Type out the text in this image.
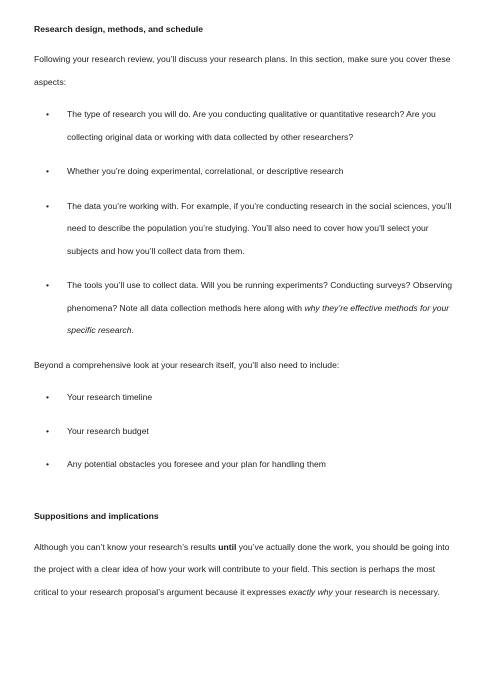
Research design, methods, and schedule

Following your research review, you’ll discuss your research plans. In this section, make sure you cover these aspects:

• The type of research you will do. Are you conducting qualitative or quantitative research? Are you collecting original data or working with data collected by other researchers?
• Whether you’re doing experimental, correlational, or descriptive research
• The data you’re working with. For example, if you’re conducting research in the social sciences, you’ll need to describe the population you’re studying. You’ll also need to cover how you’ll select your subjects and how you’ll collect data from them.
• The tools you’ll use to collect data. Will you be running experiments? Conducting surveys? Observing phenomena? Note all data collection methods here along with why they’re effective methods for your specific research.

Beyond a comprehensive look at your research itself, you’ll also need to include:

• Your research timeline
• Your research budget
• Any potential obstacles you foresee and your plan for handling them
Suppositions and implications

Although you can’t know your research’s results until you’ve actually done the work, you should be going into the project with a clear idea of how your work will contribute to your field. This section is perhaps the most critical to your research proposal’s argument because it expresses exactly why your research is necessary.
